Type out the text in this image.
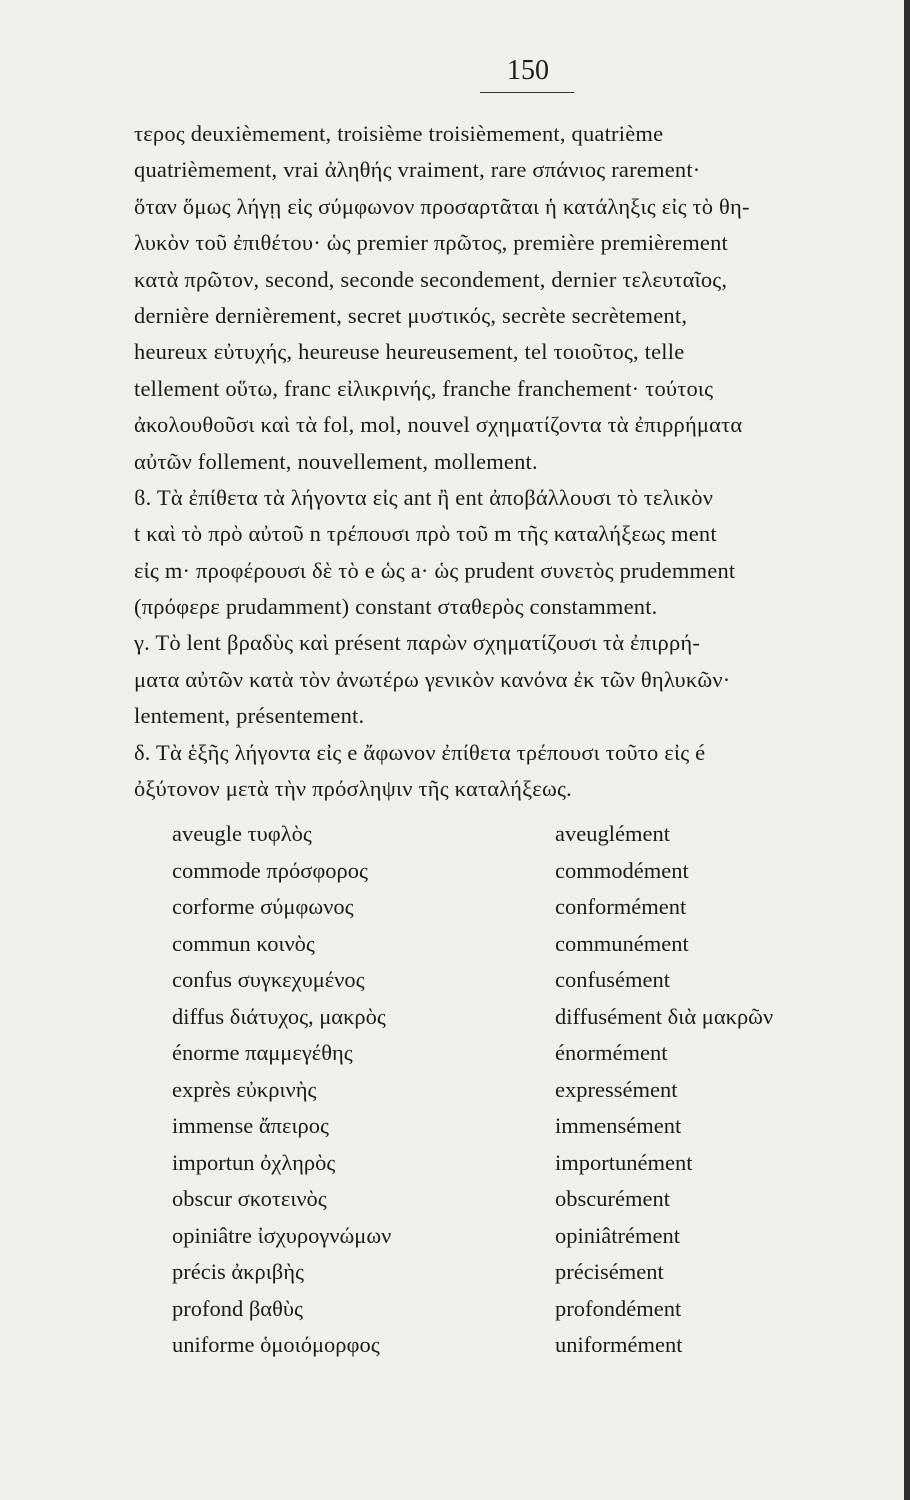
150
τερος deuxièmement, troisième troisièmement, quatrième
quatrièmement, vrai ἀληθής vraiment, rare σπάνιος rarement·
ὅταν ὅμως λήγῃ εἰς σύμφωνον προσαρτᾶται ἡ κατάληξις εἰς τὸ θη-
λυκὸν τοῦ ἐπιθέτου· ὡς premier πρῶτος, première premièrement
κατὰ πρῶτον, second, seconde secondement, dernier τελευταῖος,
dernière dernièrement, secret μυστικός, secrète secrètement,
heureux εὐτυχής, heureuse heureusement, tel τοιοῦτος, telle
tellement οὕτω, franc εἰλικρινής, franche franchement· τούτοις
ἀκολουθοῦσι καὶ τὰ fol, mol, nouvel σχηματίζοντα τὰ ἐπιρρήματα
αὐτῶν follement, nouvellement, mollement.
ϐ. Τὰ ἐπίθετα τὰ λήγοντα εἰς ant ἢ ent ἀποβάλλουσι τὸ τελικὸν
t καὶ τὸ πρὸ αὐτοῦ n τρέπουσι πρὸ τοῦ m τῆς καταλήξεως ment
εἰς m· προφέρουσι δὲ τὸ e ὡς a· ὡς prudent συνετὸς prudemment
(πρόφερε prudamment) constant σταθερὸς constamment.
γ. Τὸ lent βραδὺς καὶ présent παρὼν σχηματίζουσι τὰ ἐπιρρή-
ματα αὐτῶν κατὰ τὸν ἀνωτέρω γενικὸν κανόνα ἐκ τῶν θηλυκῶν·
lentement, présentement.
δ. Τὰ ἑξῆς λήγοντα εἰς e ἄφωνον ἐπίθετα τρέπουσι τοῦτο εἰς é
ὀξύτονον μετὰ τὴν πρόσληψιν τῆς καταλήξεως.
aveugle τυφλὸς	aveuglément
commode πρόσφορος	commodément
corforme σύμφωνος	conformément
commun κοινὸς	communément
confus συγκεχυμένος	confusément
diffus διάτυχος, μακρὸς	diffusément διὰ μακρῶν
énorme παμμεγέθης	énormément
exprès εὐκρινὴς	expressément
immense ἄπειρος	immensément
importun ὀχληρὸς	importunément
obscur σκοτεινὸς	obscurément
opiniâtre ἰσχυρογνώμων	opiniâtrément
précis ἀκριβὴς	précisément
profond βαθὺς	profondément
uniforme ὁμοιόμορφος	uniformément
